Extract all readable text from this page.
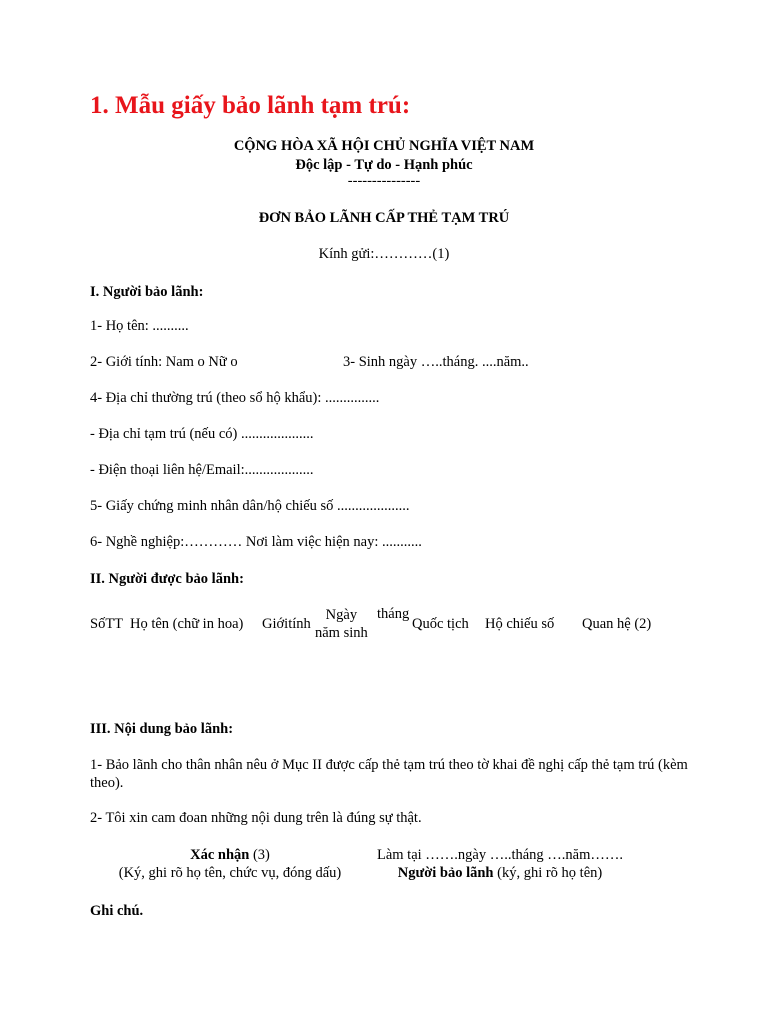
1. Mẫu giấy bảo lãnh tạm trú:
CỘNG HÒA XÃ HỘI CHỦ NGHĨA VIỆT NAM
Độc lập - Tự do - Hạnh phúc
---------------
ĐƠN BẢO LÃNH CẤP THẺ TẠM TRÚ
Kính gửi:…………(1)
I. Người bảo lãnh:
1- Họ tên: ..........
2- Giới tính: Nam o Nữ o	3- Sinh ngày …..tháng. ....năm..
4- Địa chỉ thường trú (theo sổ hộ khẩu): ...............
- Địa chỉ tạm trú (nếu có) ....................
- Điện thoại liên hệ/Email:...................
5- Giấy chứng minh nhân dân/hộ chiếu số ....................
6- Nghề nghiệp:………… Nơi làm việc hiện nay: ...........
II. Người được bảo lãnh:
SốTT Họ tên (chữ in hoa) Giớitính
Ngày
năm sinh
tháng
Quốc tịch Hộ chiếu số Quan hệ (2)
III. Nội dung bảo lãnh:
1- Bảo lãnh cho thân nhân nêu ở Mục II được cấp thẻ tạm trú theo tờ khai đề nghị cấp thẻ tạm trú (kèm theo).
2- Tôi xin cam đoan những nội dung trên là đúng sự thật.
Xác nhận (3)
(Ký, ghi rõ họ tên, chức vụ, đóng dấu)
Làm tại …….ngày …..tháng ….năm…….
Người bảo lãnh (ký, ghi rõ họ tên)
Ghi chú.
